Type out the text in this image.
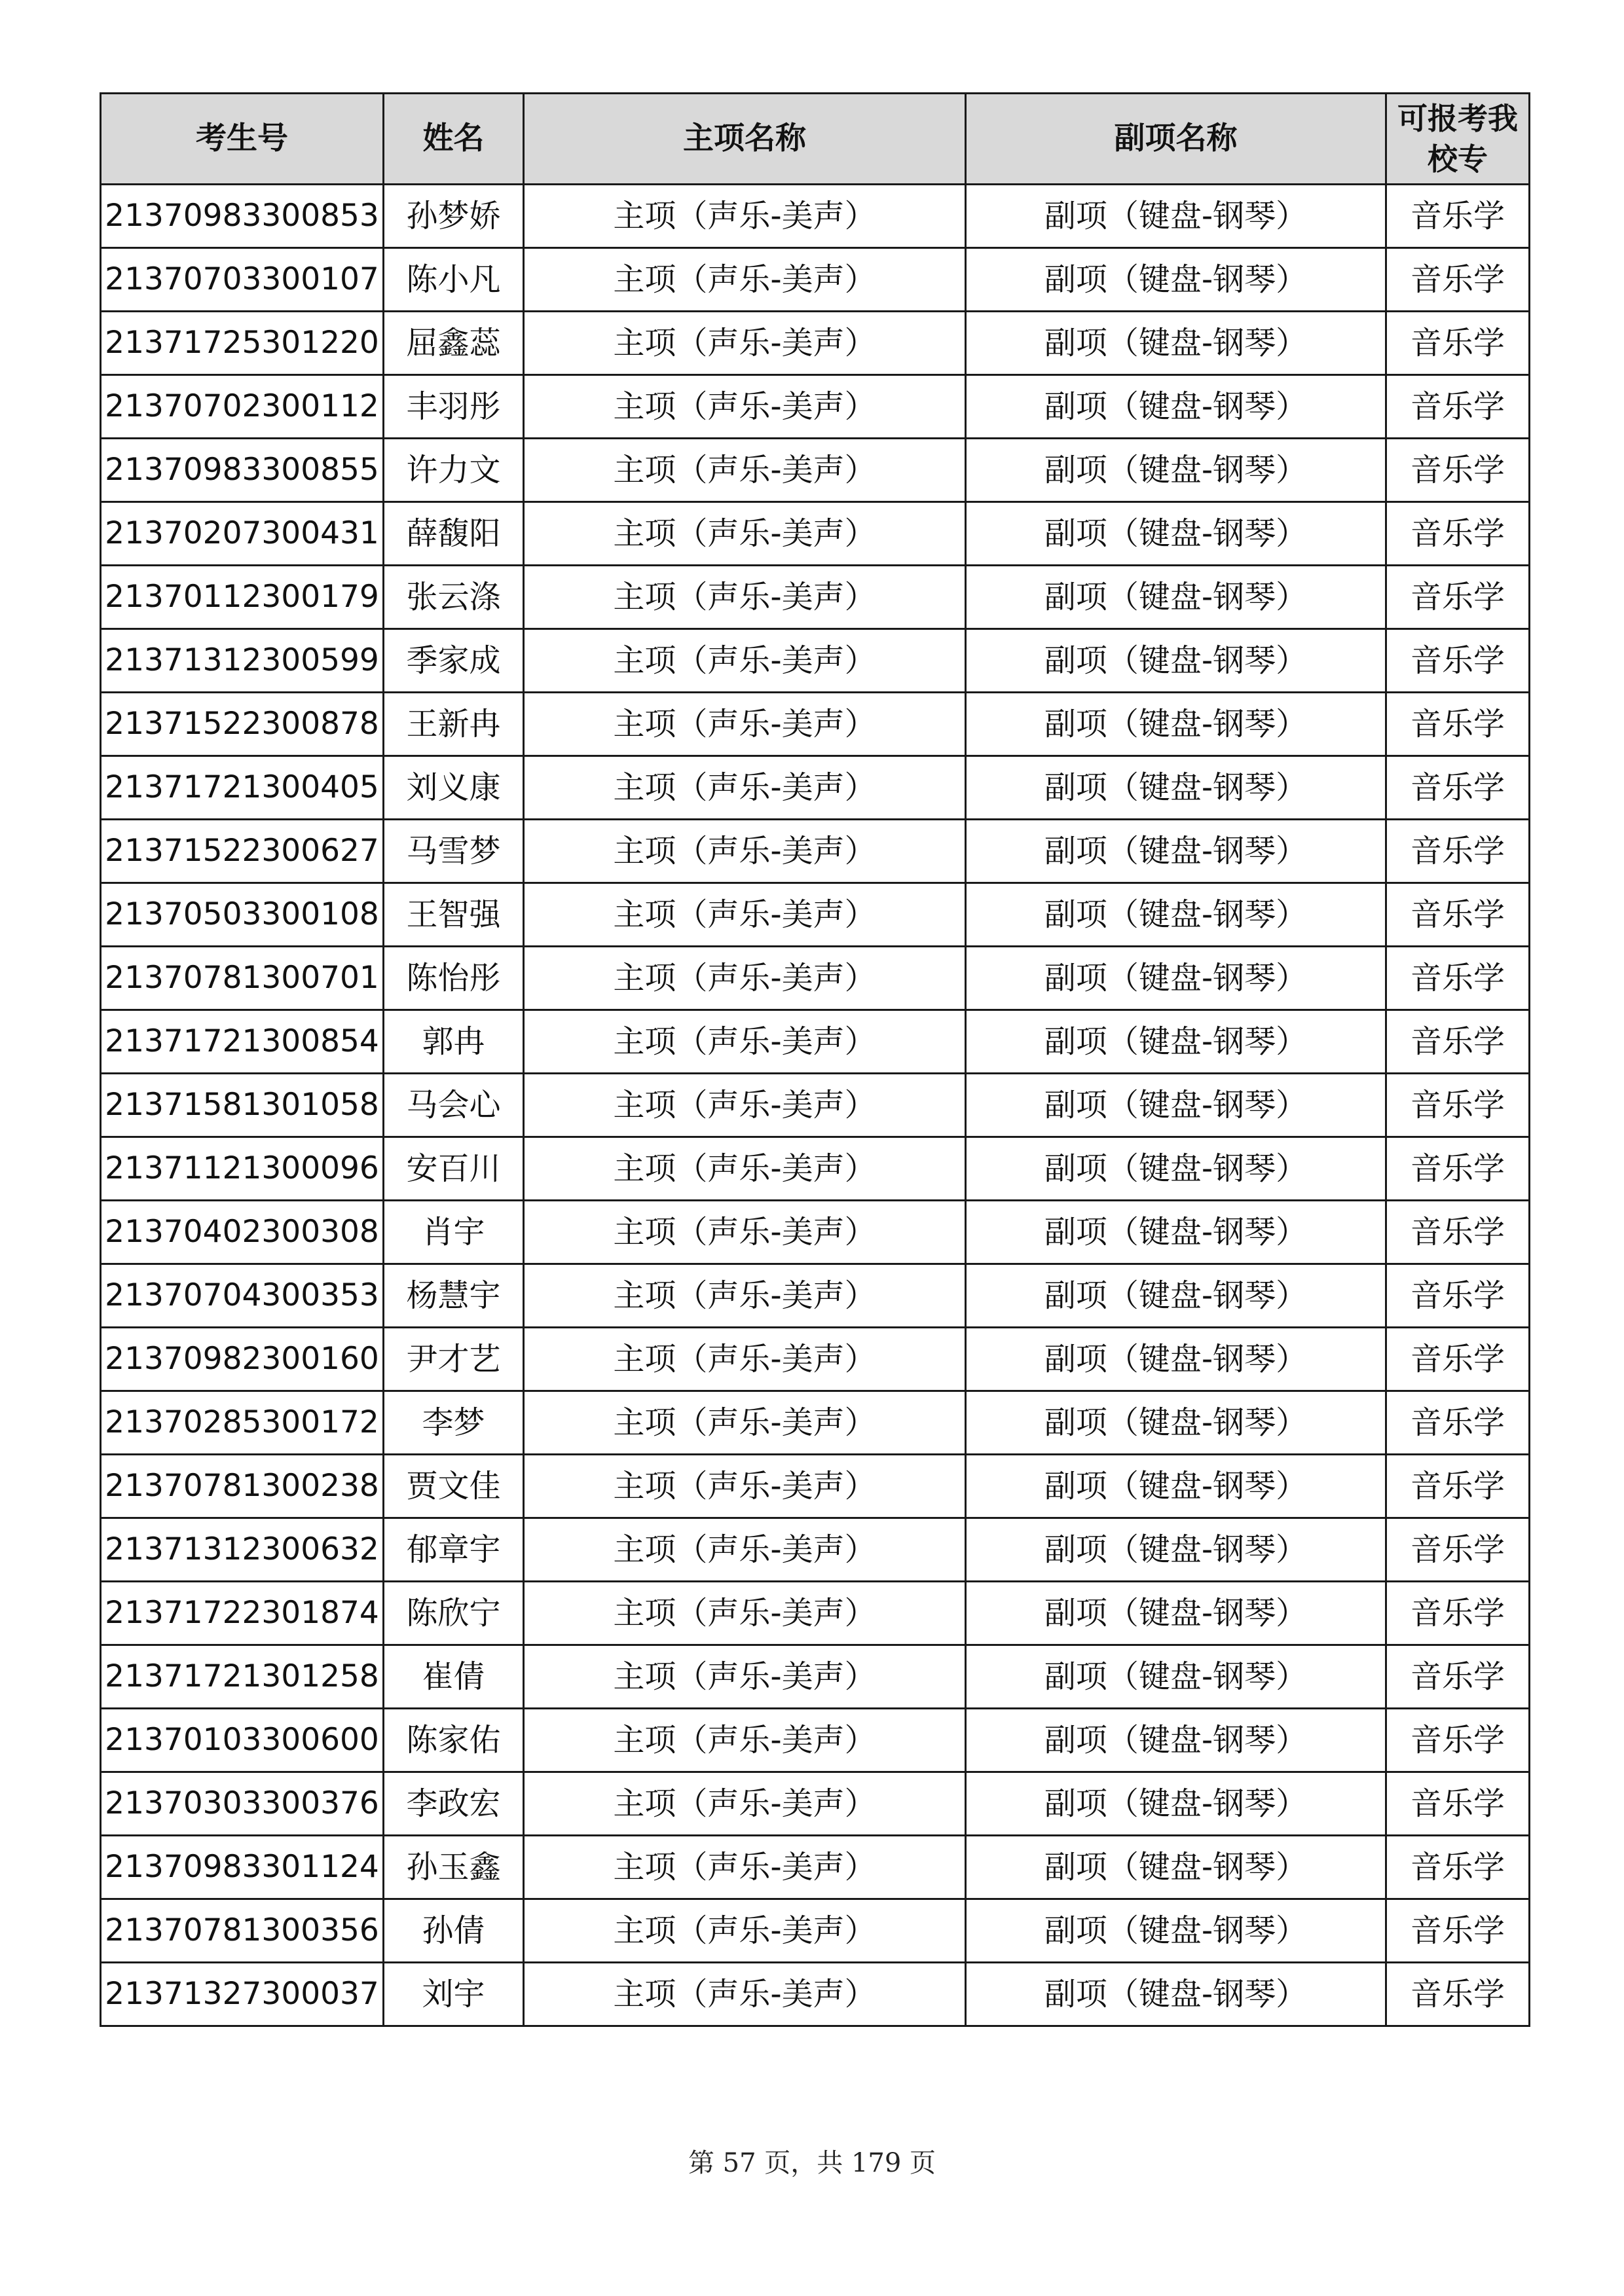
考生号	姓名	主项名称	副项名称	可报考我校专
21370983300853	孙梦娇	主项（声乐-美声）	副项（键盘-钢琴）	音乐学
21370703300107	陈小凡	主项（声乐-美声）	副项（键盘-钢琴）	音乐学
21371725301220	屈鑫蕊	主项（声乐-美声）	副项（键盘-钢琴）	音乐学
21370702300112	丰羽彤	主项（声乐-美声）	副项（键盘-钢琴）	音乐学
21370983300855	许力文	主项（声乐-美声）	副项（键盘-钢琴）	音乐学
21370207300431	薛馥阳	主项（声乐-美声）	副项（键盘-钢琴）	音乐学
21370112300179	张云涤	主项（声乐-美声）	副项（键盘-钢琴）	音乐学
21371312300599	季家成	主项（声乐-美声）	副项（键盘-钢琴）	音乐学
21371522300878	王新冉	主项（声乐-美声）	副项（键盘-钢琴）	音乐学
21371721300405	刘义康	主项（声乐-美声）	副项（键盘-钢琴）	音乐学
21371522300627	马雪梦	主项（声乐-美声）	副项（键盘-钢琴）	音乐学
21370503300108	王智强	主项（声乐-美声）	副项（键盘-钢琴）	音乐学
21370781300701	陈怡彤	主项（声乐-美声）	副项（键盘-钢琴）	音乐学
21371721300854	郭冉	主项（声乐-美声）	副项（键盘-钢琴）	音乐学
21371581301058	马会心	主项（声乐-美声）	副项（键盘-钢琴）	音乐学
21371121300096	安百川	主项（声乐-美声）	副项（键盘-钢琴）	音乐学
21370402300308	肖宇	主项（声乐-美声）	副项（键盘-钢琴）	音乐学
21370704300353	杨慧宇	主项（声乐-美声）	副项（键盘-钢琴）	音乐学
21370982300160	尹才艺	主项（声乐-美声）	副项（键盘-钢琴）	音乐学
21370285300172	李梦	主项（声乐-美声）	副项（键盘-钢琴）	音乐学
21370781300238	贾文佳	主项（声乐-美声）	副项（键盘-钢琴）	音乐学
21371312300632	郁章宇	主项（声乐-美声）	副项（键盘-钢琴）	音乐学
21371722301874	陈欣宁	主项（声乐-美声）	副项（键盘-钢琴）	音乐学
21371721301258	崔倩	主项（声乐-美声）	副项（键盘-钢琴）	音乐学
21370103300600	陈家佑	主项（声乐-美声）	副项（键盘-钢琴）	音乐学
21370303300376	李政宏	主项（声乐-美声）	副项（键盘-钢琴）	音乐学
21370983301124	孙玉鑫	主项（声乐-美声）	副项（键盘-钢琴）	音乐学
21370781300356	孙倩	主项（声乐-美声）	副项（键盘-钢琴）	音乐学
21371327300037	刘宇	主项（声乐-美声）	副项（键盘-钢琴）	音乐学
第 57 页，共 179 页
